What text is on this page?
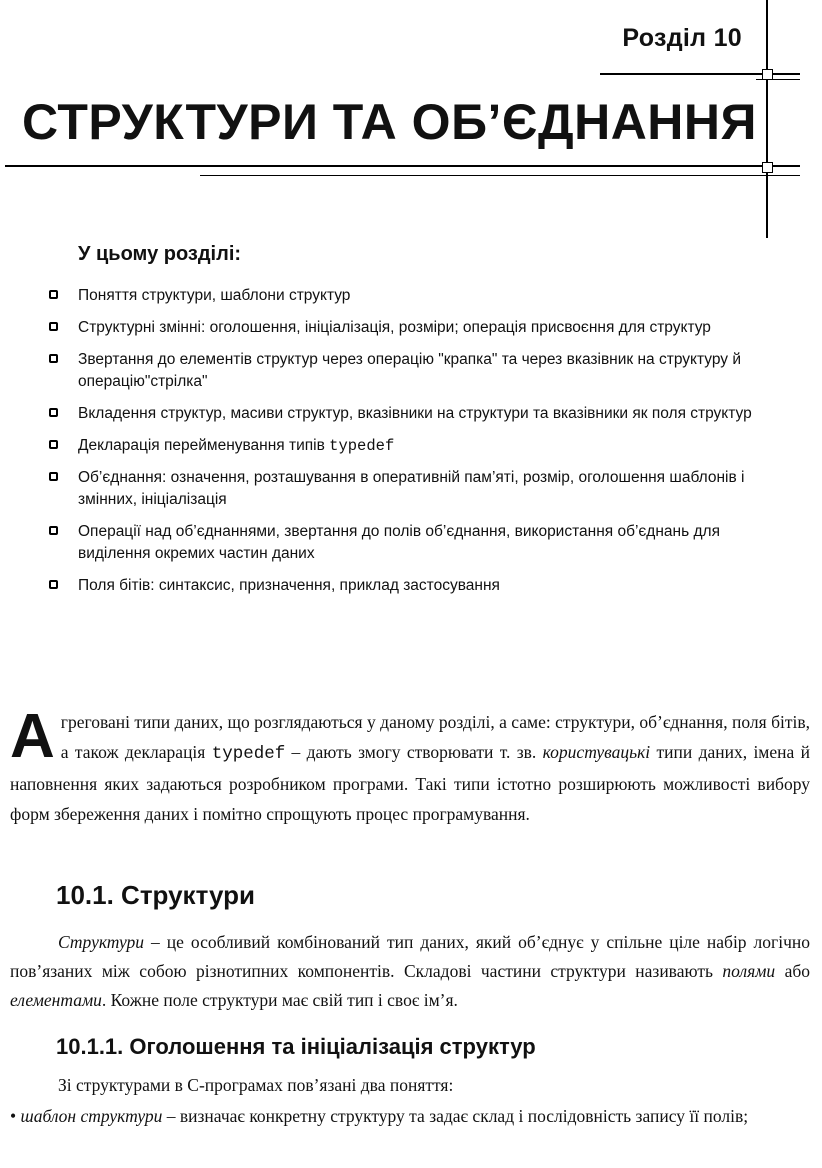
Розділ 10
СТРУКТУРИ ТА ОБ’ЄДНАННЯ
У цьому розділі:
Поняття структури, шаблони структур
Структурні змінні: оголошення, ініціалізація, розміри; операція присвоєння для структур
Звертання до елементів структур через операцію "крапка" та через вказівник на структуру й операцію"стрілка"
Вкладення структур, масиви структур, вказівники на структури та вказівники як поля структур
Декларація перейменування типів typedef
Об’єднання: означення, розташування в оперативній пам’яті, розмір, оголошення шаблонів і змінних, ініціалізація
Операції над об’єднаннями, звертання до полів об’єднання, використання об’єднань для виділення окремих частин даних
Поля бітів: синтаксис, призначення, приклад застосування
Агреговані типи даних, що розглядаються у даному розділі, а саме: структури, об’єднання, поля бітів, а також декларація typedef – дають змогу створювати т. зв. користувацькі типи даних, імена й наповнення яких задаються розробником програми. Такі типи істотно розширюють можливості вибору форм збереження даних і помітно спрощують процес програмування.
10.1. Структури

Структури – це особливий комбінований тип даних, який об’єднує у спільне ціле набір логічно пов’язаних між собою різнотипних компонентів. Складові частини структури називають полями або елементами. Кожне поле структури має свій тип і своє ім’я.

10.1.1. Оголошення та ініціалізація структур

Зі структурами в С-програмах пов’язані два поняття:

• шаблон структури – визначає конкретну структуру та задає склад і послідовність запису її полів;
